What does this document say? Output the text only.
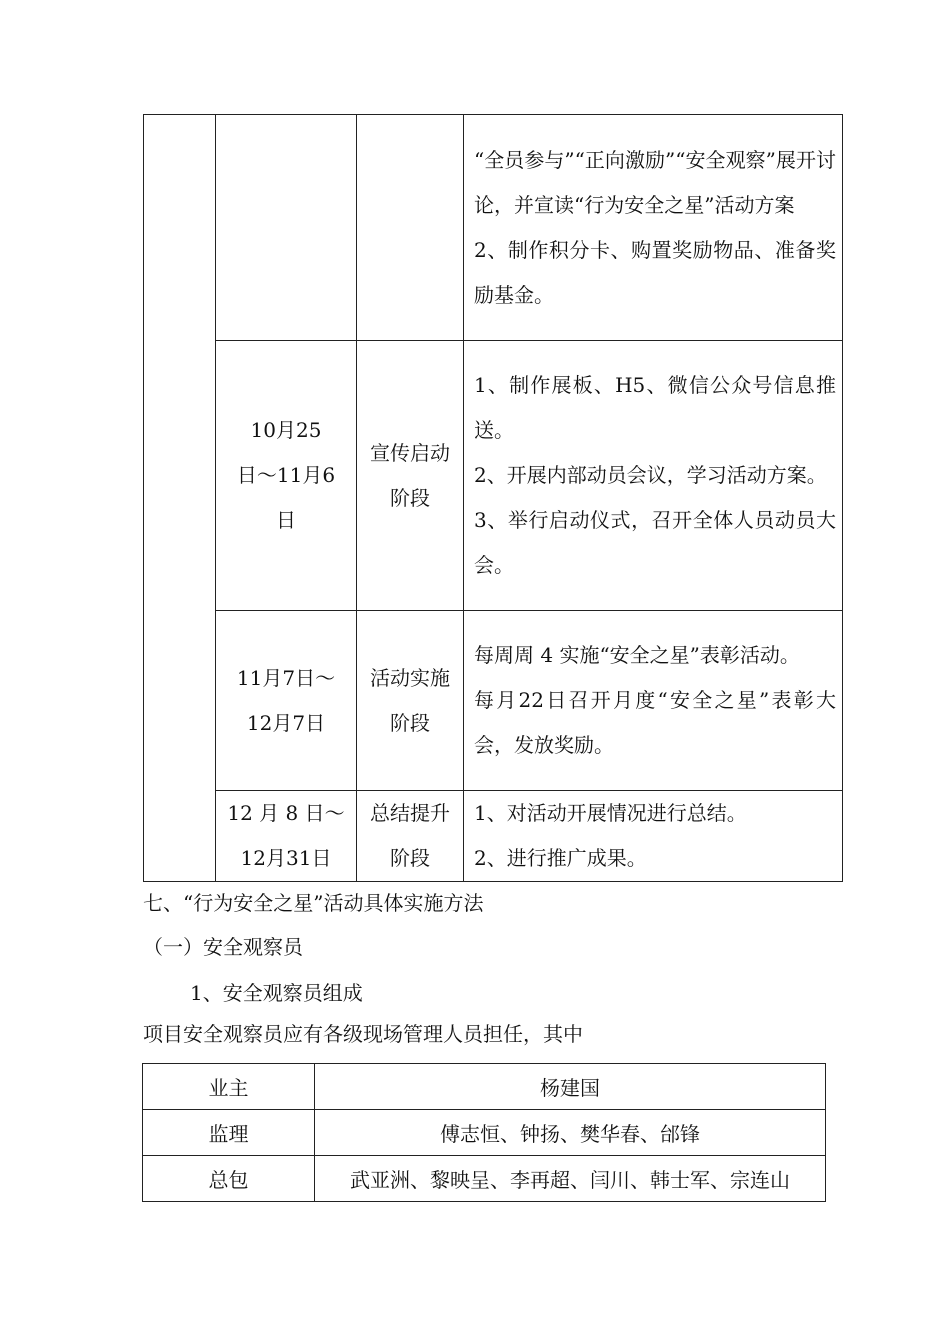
			“全员参与”“正向激励”“安全观察”展开讨论，并宣读“行为安全之星”活动方案
2、制作积分卡、购置奖励物品、准备奖励基金。

	10月25
日～11月6
日	宣传启动
阶段	1、制作展板、H5、微信公众号信息推送。
2、开展内部动员会议，学习活动方案。
3、举行启动仪式，召开全体人员动员大会。

	11月7日～
12月7日	活动实施
阶段	每周周 4 实施“安全之星”表彰活动。
每月22日召开月度“安全之星”表彰大会，发放奖励。

	12 月 8 日～
12月31日	总结提升
阶段	1、对活动开展情况进行总结。
2、进行推广成果。
七、“行为安全之星”活动具体实施方法
（一）安全观察员
1、安全观察员组成
项目安全观察员应有各级现场管理人员担任，其中
业主	杨建国
监理	傅志恒、钟扬、樊华春、邰锋
总包	武亚洲、黎映呈、李再超、闫川、韩士军、宗连山
